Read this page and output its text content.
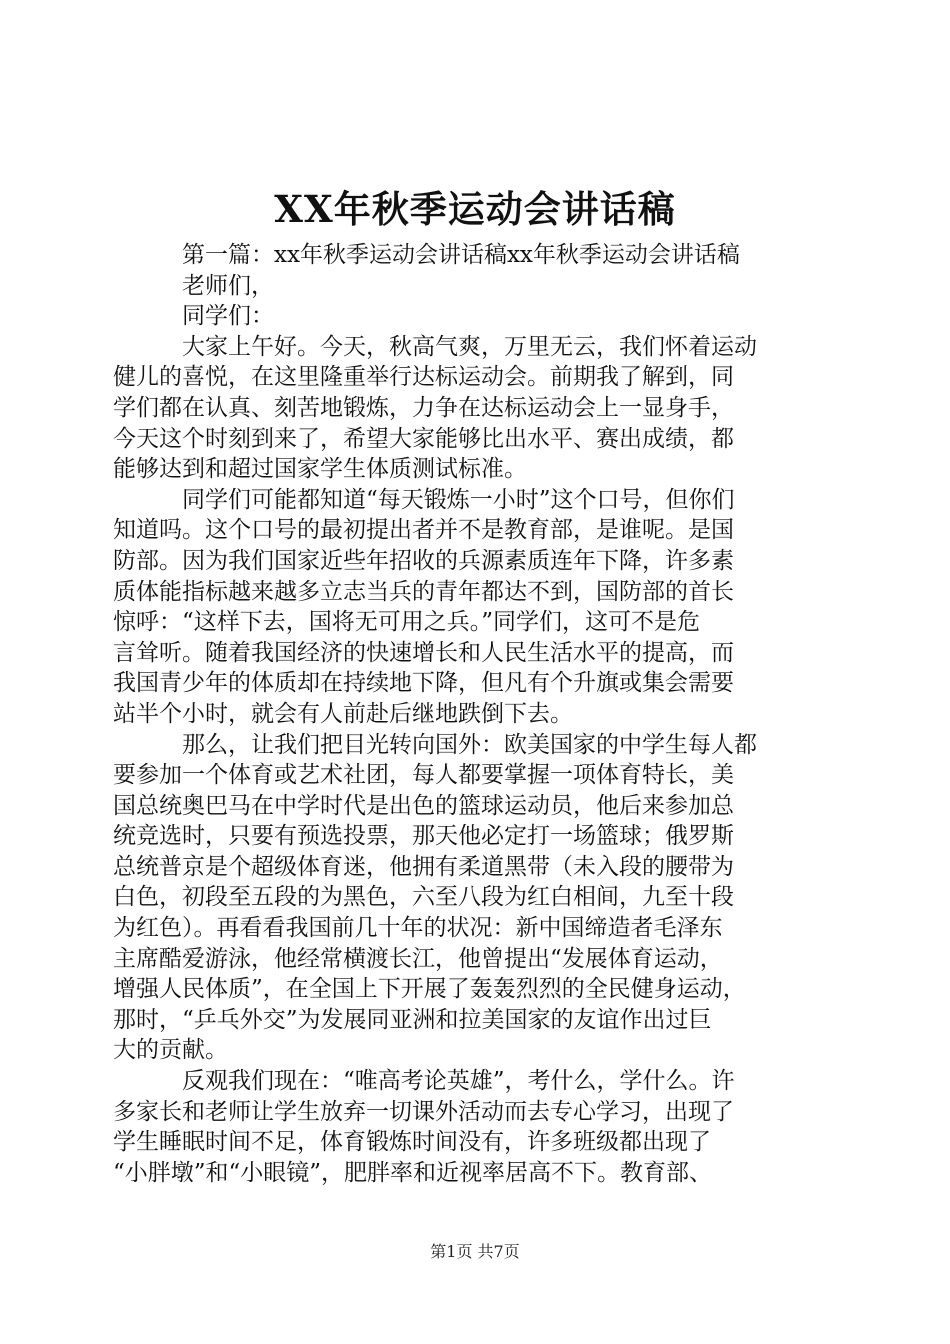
XX年秋季运动会讲话稿
第一篇：xx年秋季运动会讲话稿xx年秋季运动会讲话稿
老师们，
同学们：
大家上午好。今天，秋高气爽，万里无云，我们怀着运动
健儿的喜悦，在这里隆重举行达标运动会。前期我了解到，同
学们都在认真、刻苦地锻炼，力争在达标运动会上一显身手，
今天这个时刻到来了，希望大家能够比出水平、赛出成绩，都
能够达到和超过国家学生体质测试标准。
同学们可能都知道“每天锻炼一小时”这个口号，但你们
知道吗。这个口号的最初提出者并不是教育部，是谁呢。是国
防部。因为我们国家近些年招收的兵源素质连年下降，许多素
质体能指标越来越多立志当兵的青年都达不到，国防部的首长
惊呼：“这样下去，国将无可用之兵。”同学们，这可不是危
言耸听。随着我国经济的快速增长和人民生活水平的提高，而
我国青少年的体质却在持续地下降，但凡有个升旗或集会需要
站半个小时，就会有人前赴后继地跌倒下去。
那么，让我们把目光转向国外：欧美国家的中学生每人都
要参加一个体育或艺术社团，每人都要掌握一项体育特长，美
国总统奥巴马在中学时代是出色的篮球运动员，他后来参加总
统竞选时，只要有预选投票，那天他必定打一场篮球；俄罗斯
总统普京是个超级体育迷，他拥有柔道黑带（未入段的腰带为
白色，初段至五段的为黑色，六至八段为红白相间，九至十段
为红色）。再看看我国前几十年的状况：新中国缔造者毛泽东
主席酷爱游泳，他经常横渡长江，他曾提出“发展体育运动，
增强人民体质”，在全国上下开展了轰轰烈烈的全民健身运动，
那时，“乒乓外交”为发展同亚洲和拉美国家的友谊作出过巨
大的贡献。
反观我们现在：“唯高考论英雄”，考什么，学什么。许
多家长和老师让学生放弃一切课外活动而去专心学习，出现了
学生睡眠时间不足，体育锻炼时间没有，许多班级都出现了
“小胖墩”和“小眼镜”，肥胖率和近视率居高不下。教育部、
第1页 共7页
